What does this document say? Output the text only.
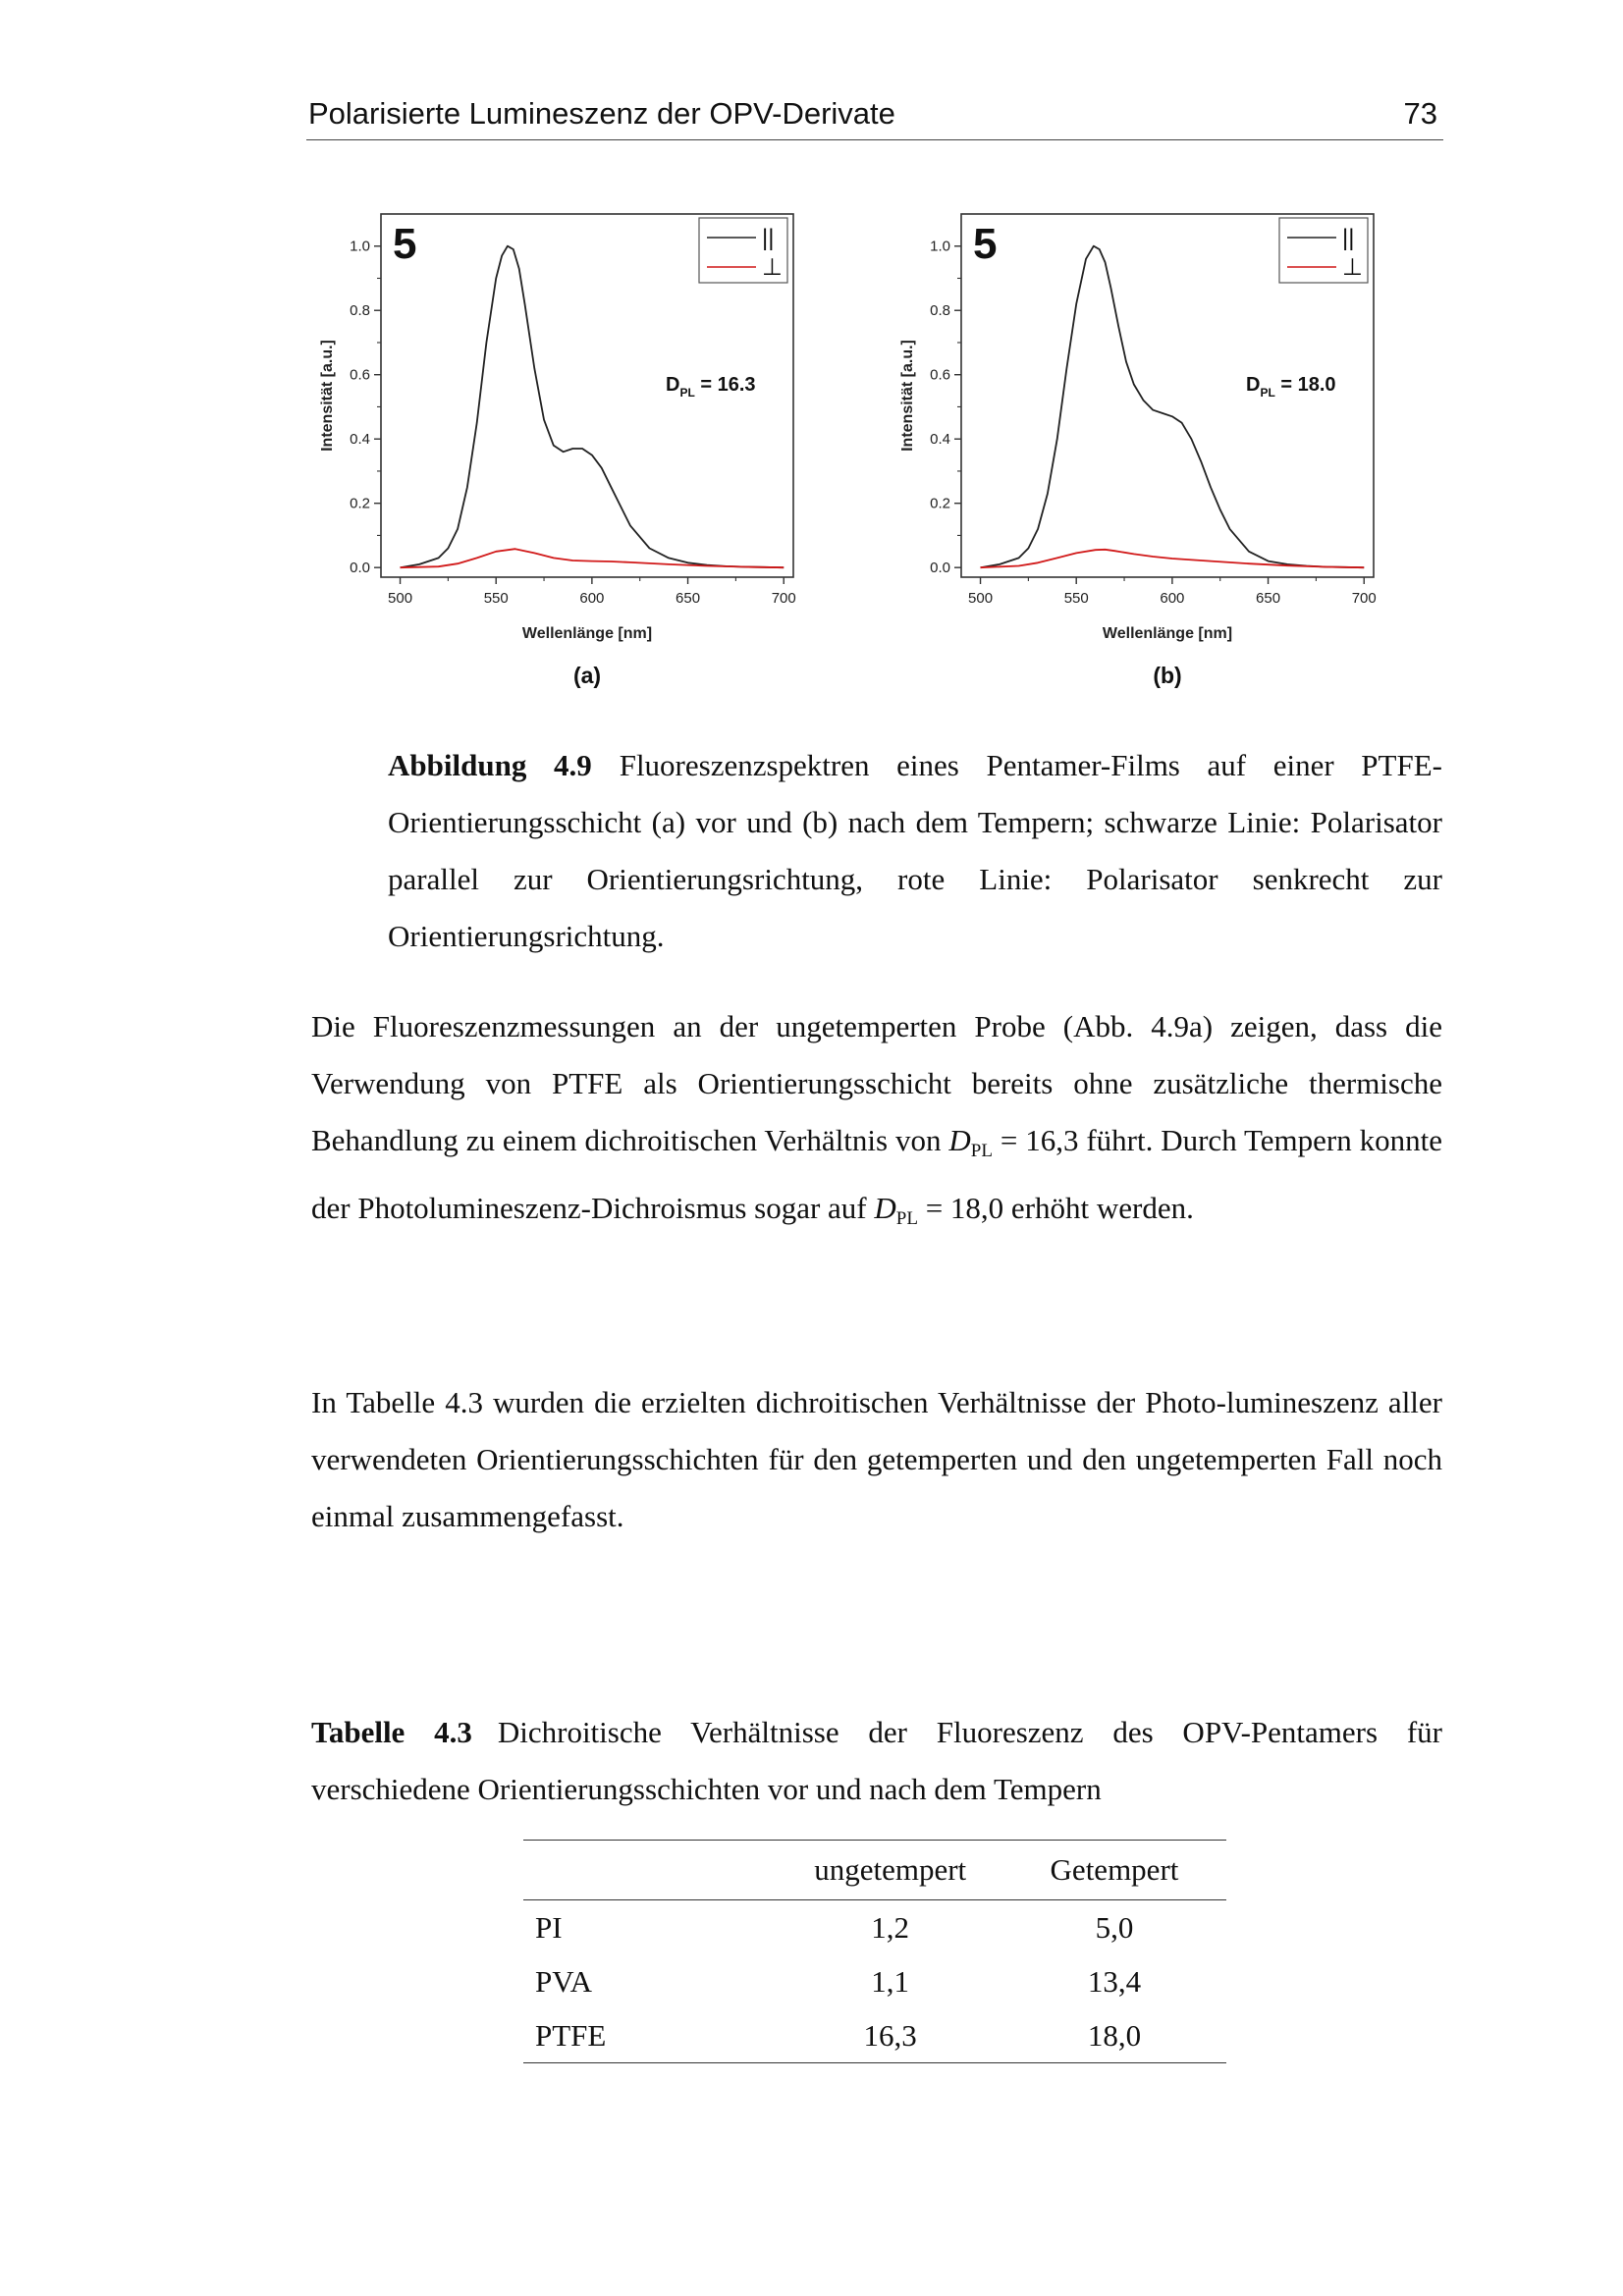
Polarisierte Lumineszenz der OPV-Derivate	73
0.0
0.2
0.4
0.6
0.8
1.0
500	550	600	650	700
Wellenlänge [nm]
Intensität [a.u.]
5	||
⊥
$D_{PL} = 16.3$
(a)
0.0
0.2
0.4
0.6
0.8
1.0
500	550	600	650	700
Wellenlänge [nm]
Intensität [a.u.]
5	||
⊥
$D_{PL} = 18.0$
(b)
Abbildung 4.9 Fluoreszenzspektren eines Pentamer-Films auf einer PTFE-Orientierungsschicht (a) vor und (b) nach dem Tempern; schwarze Linie: Polarisator parallel zur Orientierungsrichtung, rote Linie: Polarisator senkrecht zur Orientierungsrichtung.
Die Fluoreszenzmessungen an der ungetemperten Probe (Abb. 4.9a) zeigen, dass die Verwendung von PTFE als Orientierungsschicht bereits ohne zusätzliche thermische Behandlung zu einem dichroitischen Verhältnis von $D_{PL} = 16,3$ führt. Durch Tempern konnte der Photolumineszenz-Dichroismus sogar auf $D_{PL} = 18,0$ erhöht werden.
In Tabelle 4.3 wurden die erzielten dichroitischen Verhältnisse der Photo-lumineszenz aller verwendeten Orientierungsschichten für den getemperten und den ungetemperten Fall noch einmal zusammengefasst.
Tabelle 4.3 Dichroitische Verhältnisse der Fluoreszenz des OPV-Pentamers für verschiedene Orientierungsschichten vor und nach dem Tempern
	ungetempert	Getempert
PI	1,2	5,0
PVA	1,1	13,4
PTFE	16,3	18,0
